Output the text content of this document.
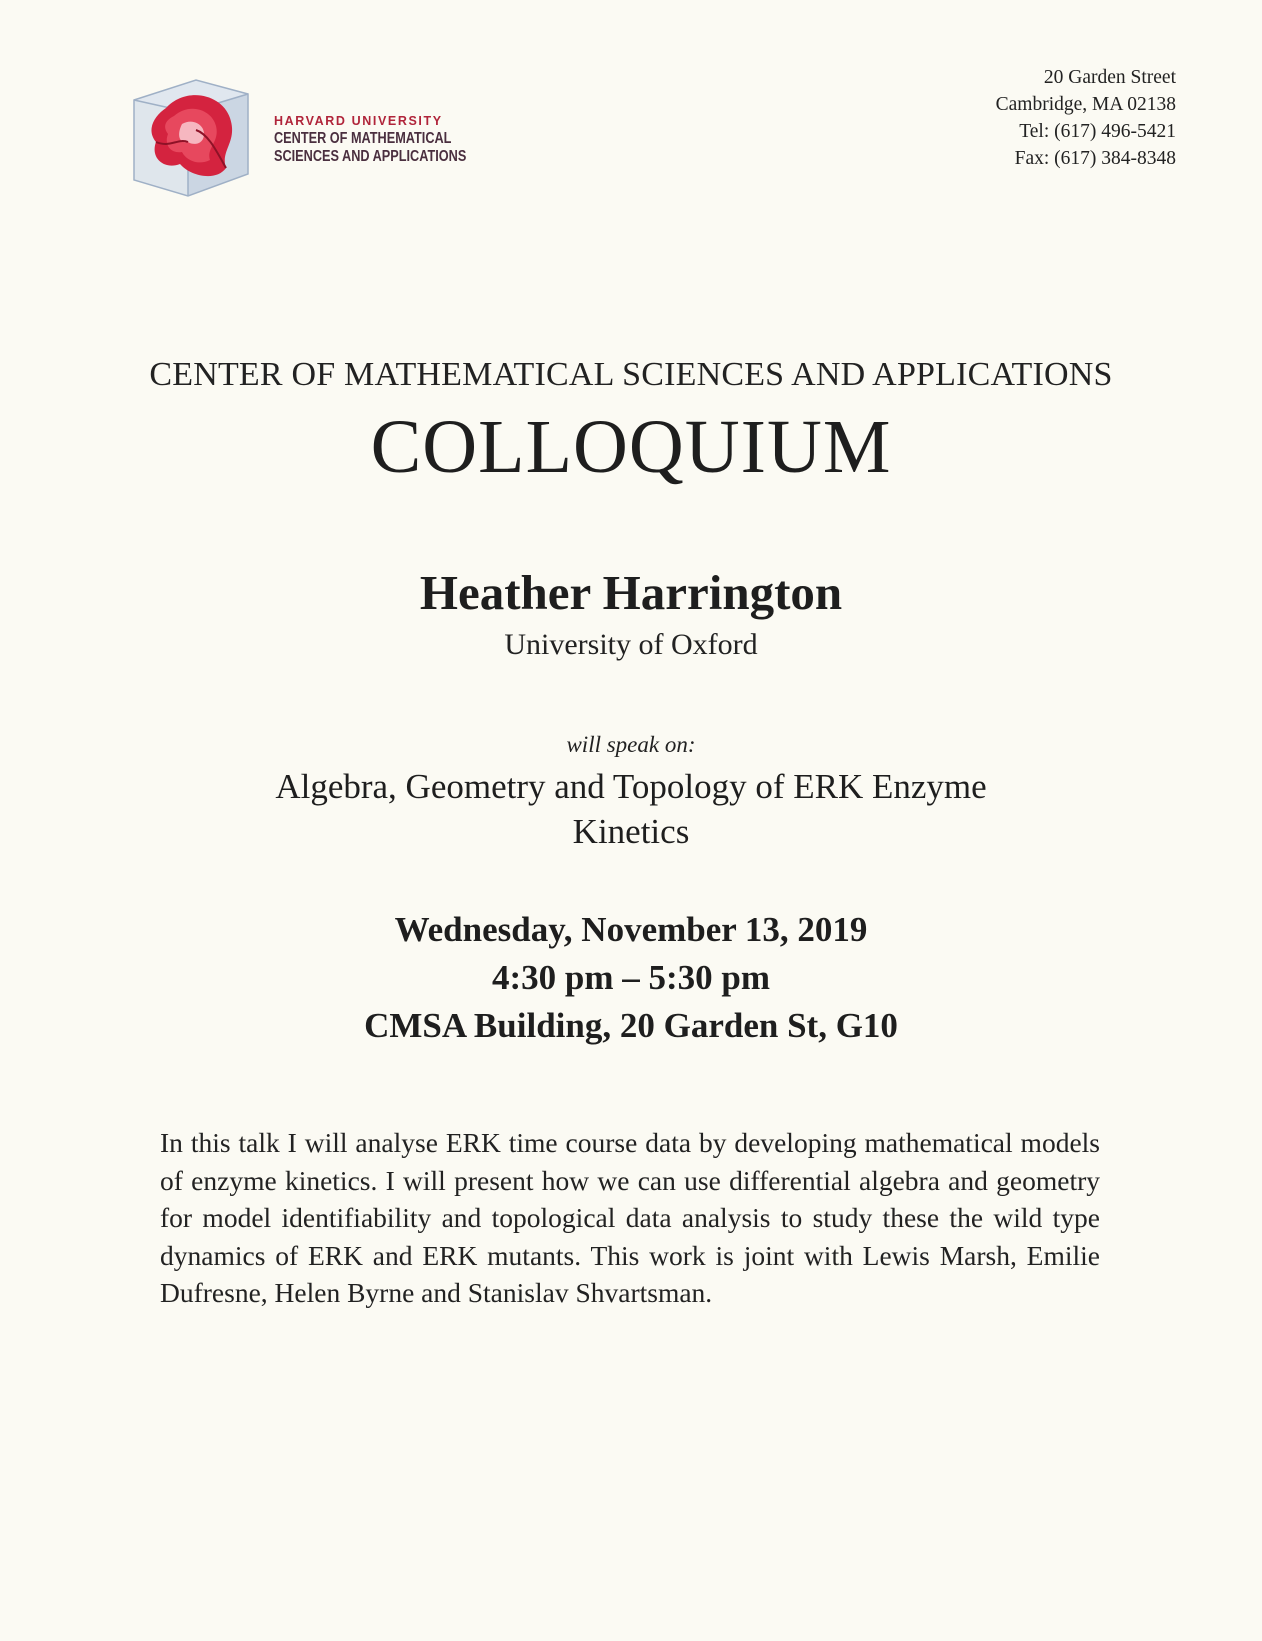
HARVARD UNIVERSITY
CENTER OF MATHEMATICAL
SCIENCES AND APPLICATIONS
20 Garden Street
Cambridge, MA 02138
Tel: (617) 496-5421
Fax: (617) 384-8348
CENTER OF MATHEMATICAL SCIENCES AND APPLICATIONS
COLLOQUIUM
Heather Harrington
University of Oxford
will speak on:
Algebra, Geometry and Topology of ERK Enzyme
Kinetics
Wednesday, November 13, 2019
4:30 pm – 5:30 pm
CMSA Building, 20 Garden St, G10
In this talk I will analyse ERK time course data by developing mathematical models of enzyme kinetics. I will present how we can use differential algebra and geometry for model identifiability and topological data analysis to study these the wild type dynamics of ERK and ERK mutants. This work is joint with Lewis Marsh, Emilie Dufresne, Helen Byrne and Stanislav Shvartsman.
